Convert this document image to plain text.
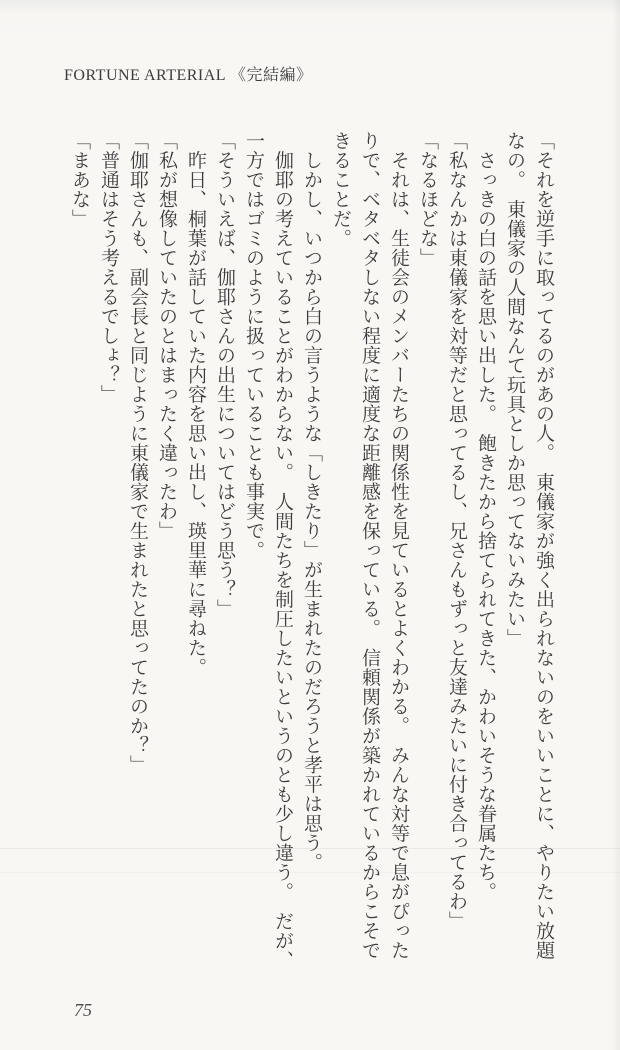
FORTUNE ARTERIAL 《完結編》
「それを逆手に取ってるのがあの人。　東儀家が強く出られないのをいいことに、やりたい放題
なの。　東儀家の人間なんて玩具としか思ってないみたい」
　さっきの白の話を思い出した。　飽きたから捨てられてきた、かわいそうな眷属たち。
「私なんかは東儀家を対等だと思ってるし、兄さんもずっと友達みたいに付き合ってるわ」
「なるほどな」
　それは、生徒会のメンバーたちの関係性を見ているとよくわかる。　みんな対等で息がぴった
りで、ベタベタしない程度に適度な距離感を保っている。　信頼関係が築かれているからこそで
きることだ。
　しかし、いつから白の言うような「しきたり」が生まれたのだろうと孝平は思う。
　伽耶の考えていることがわからない。　人間たちを制圧したいというのとも少し違う。　だが、
一方ではゴミのように扱っていることも事実で。
「そういえば、伽耶さんの出生についてはどう思う？」
　昨日、桐葉が話していた内容を思い出し、瑛里華に尋ねた。
「私が想像していたのとはまったく違ったわ」
「伽耶さんも、副会長と同じように東儀家で生まれたと思ってたのか？」
「普通はそう考えるでしょ？」
「まあな」
75
